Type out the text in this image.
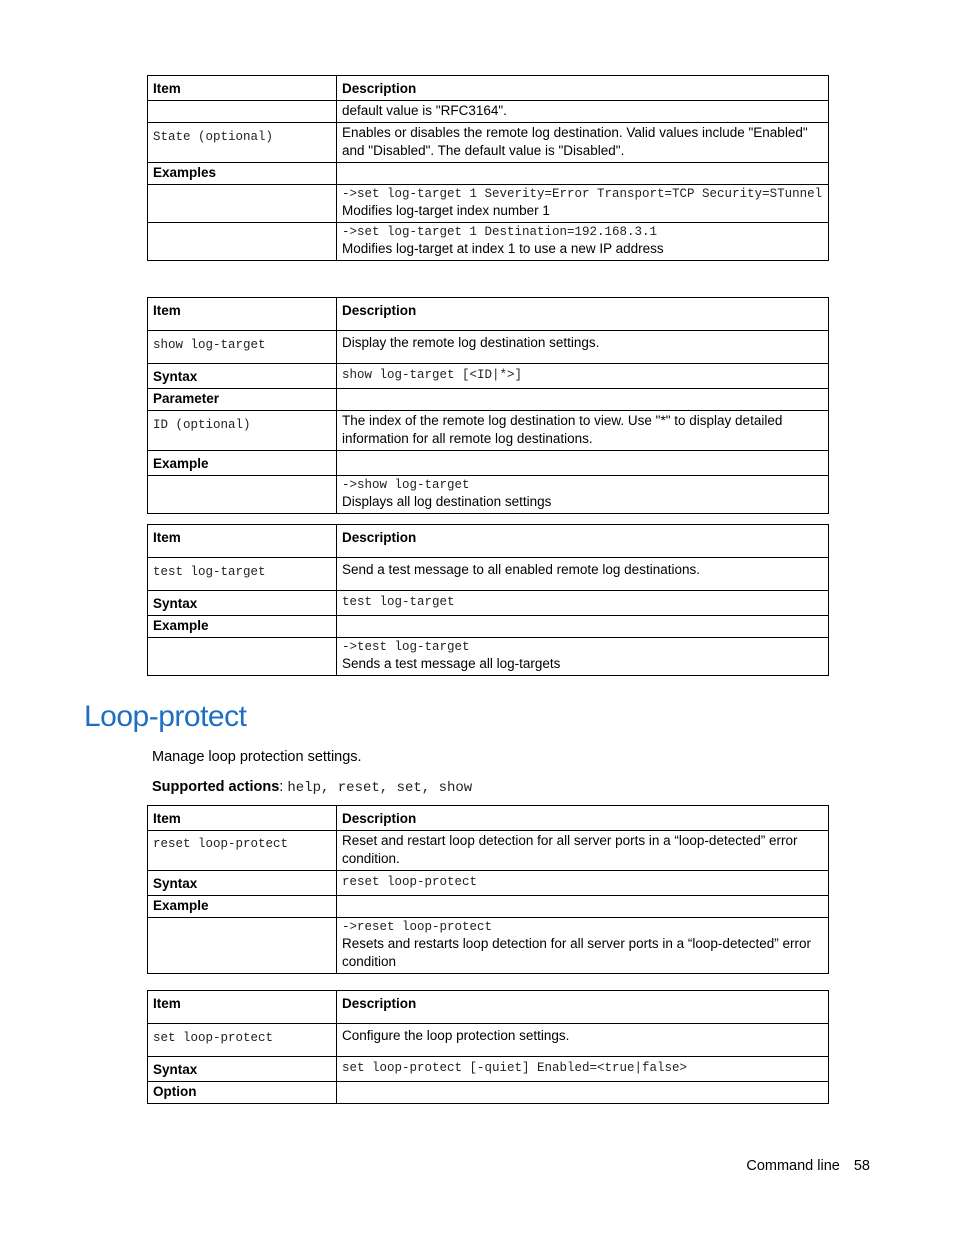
Item	Description
	default value is "RFC3164".
State (optional)	Enables or disables the remote log destination. Valid values include "Enabled" and "Disabled". The default value is "Disabled".
Examples	

	->set log-target 1 Severity=Error Transport=TCP Security=STunnel
Modifies log-target index number 1

	->set log-target 1 Destination=192.168.3.1
Modifies log-target at index 1 to use a new IP address
Item	Description
show log-target	Display the remote log destination settings.
Syntax	show log-target [<ID|*>]
Parameter	
ID (optional)	The index of the remote log destination to view. Use "*" to display detailed information for all remote log destinations.
Example	

	->show log-target
Displays all log destination settings
Item	Description
test log-target	Send a test message to all enabled remote log destinations.
Syntax	test log-target
Example	

	->test log-target
Sends a test message all log-targets
Loop-protect
Manage loop protection settings.
Supported actions: help, reset, set, show
Item	Description
reset loop-protect	Reset and restart loop detection for all server ports in a “loop-detected” error condition.
Syntax	reset loop-protect
Example	

	->reset loop-protect
Resets and restarts loop detection for all server ports in a “loop-detected” error condition
Item	Description
set loop-protect	Configure the loop protection settings.
Syntax	set loop-protect [-quiet] Enabled=<true|false>
Option	
Command line 58
